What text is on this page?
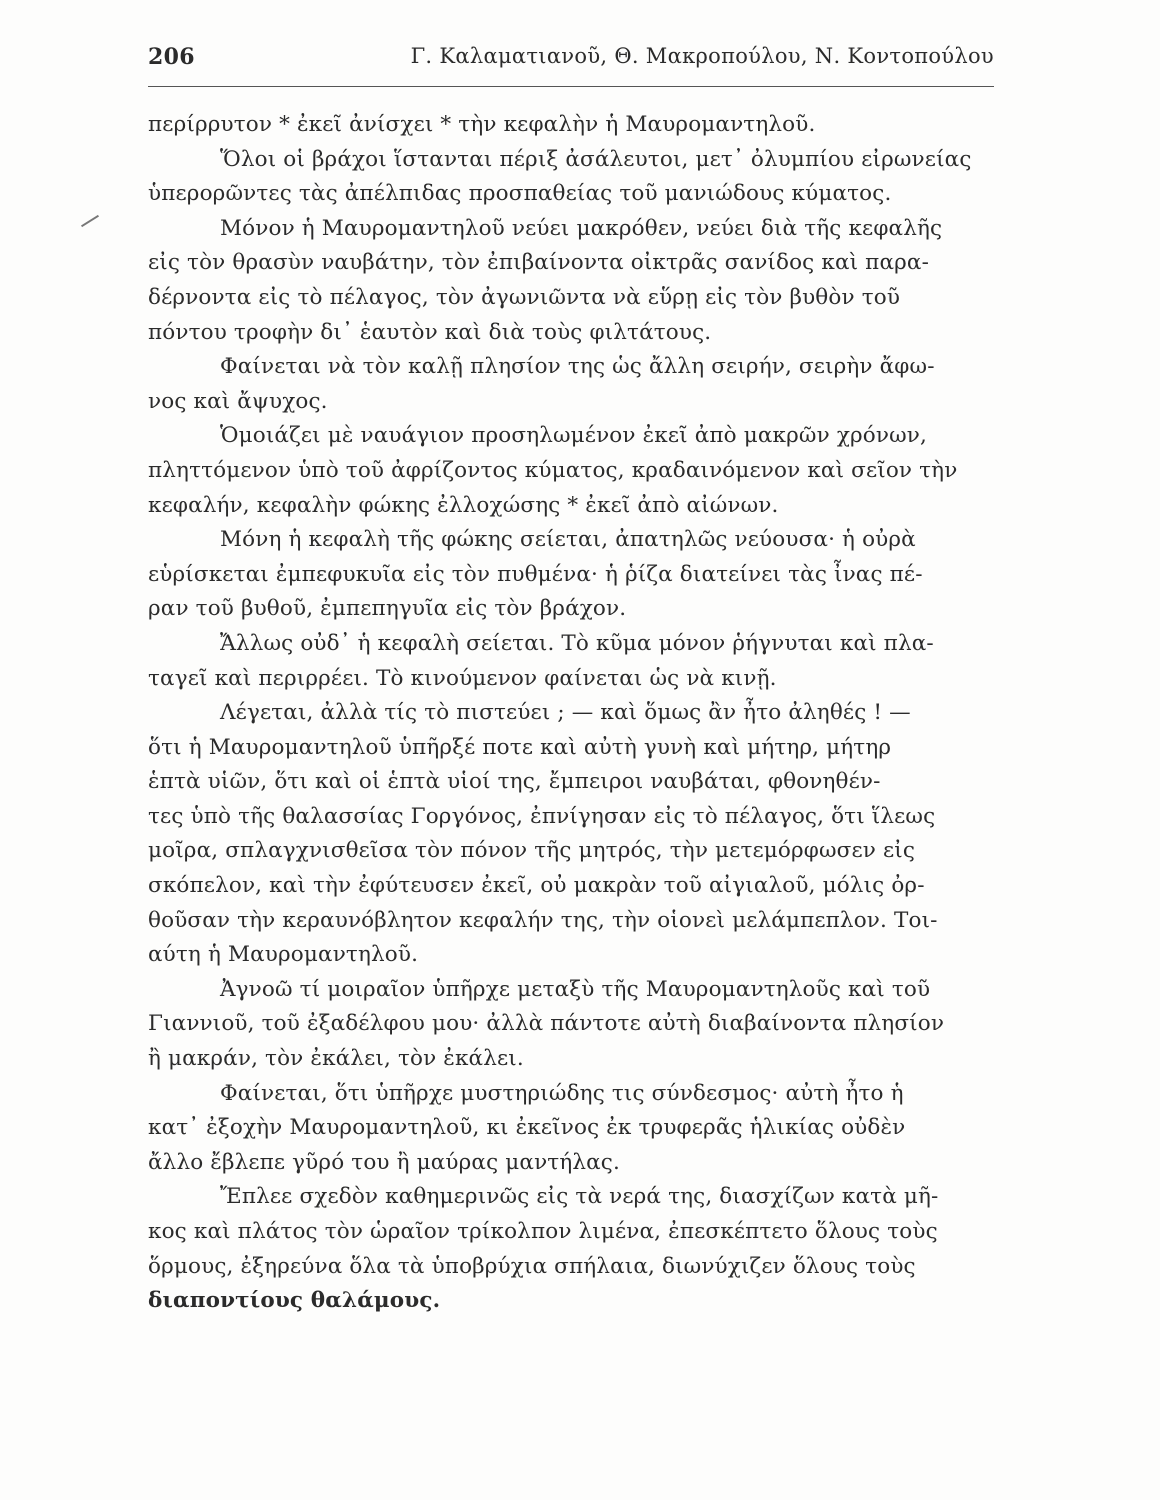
206	Γ. Καλαματιανοῦ, Θ. Μακροπούλου, Ν. Κοντοπούλου
περίρρυτον * ἐκεῖ ἀνίσχει * τὴν κεφαλὴν ἡ Μαυρομαντηλοῦ.
Ὅλοι οἱ βράχοι ἵστανται πέριξ ἀσάλευτοι, μετ᾽ ὀλυμπίου εἰρωνείας
ὑπερορῶντες τὰς ἀπέλπιδας προσπαθείας τοῦ μανιώδους κύματος.
Μόνον ἡ Μαυρομαντηλοῦ νεύει μακρόθεν, νεύει διὰ τῆς κεφαλῆς
εἰς τὸν θρασὺν ναυβάτην, τὸν ἐπιβαίνοντα οἰκτρᾶς σανίδος καὶ παρα-
δέρνοντα εἰς τὸ πέλαγος, τὸν ἀγωνιῶντα νὰ εὕρῃ εἰς τὸν βυθὸν τοῦ
πόντου τροφὴν δι᾽ ἑαυτὸν καὶ διὰ τοὺς φιλτάτους.
Φαίνεται νὰ τὸν καλῇ πλησίον της ὡς ἄλλη σειρήν, σειρὴν ἄφω-
νος καὶ ἄψυχος.
Ὁμοιάζει μὲ ναυάγιον προσηλωμένον ἐκεῖ ἀπὸ μακρῶν χρόνων,
πληττόμενον ὑπὸ τοῦ ἀφρίζοντος κύματος, κραδαινόμενον καὶ σεῖον τὴν
κεφαλήν, κεφαλὴν φώκης ἐλλοχώσης * ἐκεῖ ἀπὸ αἰώνων.
Μόνη ἡ κεφαλὴ τῆς φώκης σείεται, ἀπατηλῶς νεύουσα· ἡ οὐρὰ
εὑρίσκεται ἐμπεφυκυῖα εἰς τὸν πυθμένα· ἡ ῥίζα διατείνει τὰς ἶνας πέ-
ραν τοῦ βυθοῦ, ἐμπεπηγυῖα εἰς τὸν βράχον.
Ἄλλως οὐδ᾽ ἡ κεφαλὴ σείεται. Τὸ κῦμα μόνον ῥήγνυται καὶ πλα-
ταγεῖ καὶ περιρρέει. Τὸ κινούμενον φαίνεται ὡς νὰ κινῇ.
Λέγεται, ἀλλὰ τίς τὸ πιστεύει ; — καὶ ὅμως ἂν ἦτο ἀληθές ! —
ὅτι ἡ Μαυρομαντηλοῦ ὑπῆρξέ ποτε καὶ αὐτὴ γυνὴ καὶ μήτηρ, μήτηρ
ἑπτὰ υἱῶν, ὅτι καὶ οἱ ἑπτὰ υἱοί της, ἔμπειροι ναυβάται, φθονηθέν-
τες ὑπὸ τῆς θαλασσίας Γοργόνος, ἐπνίγησαν εἰς τὸ πέλαγος, ὅτι ἵλεως
μοῖρα, σπλαγχνισθεῖσα τὸν πόνον τῆς μητρός, τὴν μετεμόρφωσεν εἰς
σκόπελον, καὶ τὴν ἐφύτευσεν ἐκεῖ, οὐ μακρὰν τοῦ αἰγιαλοῦ, μόλις ὀρ-
θοῦσαν τὴν κεραυνόβλητον κεφαλήν της, τὴν οἱονεὶ μελάμπεπλον. Τοι-
αύτη ἡ Μαυρομαντηλοῦ.
Ἀγνοῶ τί μοιραῖον ὑπῆρχε μεταξὺ τῆς Μαυρομαντηλοῦς καὶ τοῦ
Γιαννιοῦ, τοῦ ἐξαδέλφου μου· ἀλλὰ πάντοτε αὐτὴ διαβαίνοντα πλησίον
ἢ μακράν, τὸν ἐκάλει, τὸν ἐκάλει.
Φαίνεται, ὅτι ὑπῆρχε μυστηριώδης τις σύνδεσμος· αὐτὴ ἦτο ἡ
κατ᾽ ἐξοχὴν Μαυρομαντηλοῦ, κι ἐκεῖνος ἐκ τρυφερᾶς ἡλικίας οὐδὲν
ἄλλο ἔβλεπε γῦρό του ἢ μαύρας μαντήλας.
Ἔπλεε σχεδὸν καθημερινῶς εἰς τὰ νερά της, διασχίζων κατὰ μῆ-
κος καὶ πλάτος τὸν ὡραῖον τρίκολπον λιμένα, ἐπεσκέπτετο ὅλους τοὺς
ὅρμους, ἐξηρεύνα ὅλα τὰ ὑποβρύχια σπήλαια, διωνύχιζεν ὅλους τοὺς
διαποντίους θαλάμους.
